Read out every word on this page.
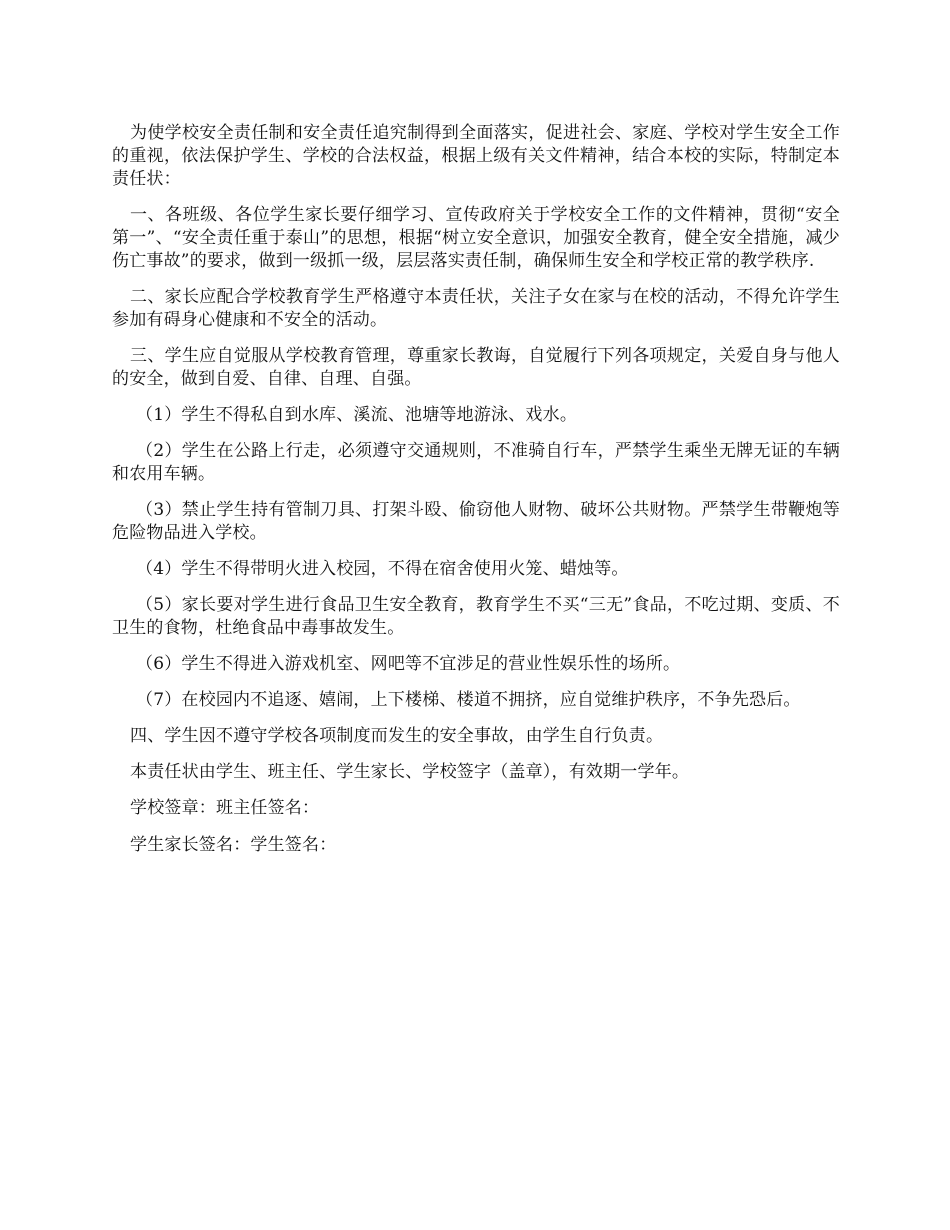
为使学校安全责任制和安全责任追究制得到全面落实，促进社会、家庭、学校对学生安全工作的重视，依法保护学生、学校的合法权益，根据上级有关文件精神，结合本校的实际，特制定本责任状：

一、各班级、各位学生家长要仔细学习、宣传政府关于学校安全工作的文件精神，贯彻“安全第一”、“安全责任重于泰山”的思想，根据“树立安全意识，加强安全教育，健全安全措施，减少伤亡事故”的要求，做到一级抓一级，层层落实责任制，确保师生安全和学校正常的教学秩序.

二、家长应配合学校教育学生严格遵守本责任状，关注子女在家与在校的活动，不得允许学生参加有碍身心健康和不安全的活动。

三、学生应自觉服从学校教育管理，尊重家长教诲，自觉履行下列各项规定，关爱自身与他人的安全，做到自爱、自律、自理、自强。

（1）学生不得私自到水库、溪流、池塘等地游泳、戏水。

（2）学生在公路上行走，必须遵守交通规则，不准骑自行车，严禁学生乘坐无牌无证的车辆和农用车辆。

（3）禁止学生持有管制刀具、打架斗殴、偷窃他人财物、破坏公共财物。严禁学生带鞭炮等危险物品进入学校。

（4）学生不得带明火进入校园，不得在宿舍使用火笼、蜡烛等。

（5）家长要对学生进行食品卫生安全教育，教育学生不买“三无”食品，不吃过期、变质、不卫生的食物，杜绝食品中毒事故发生。

（6）学生不得进入游戏机室、网吧等不宜涉足的营业性娱乐性的场所。

（7）在校园内不追逐、嬉闹，上下楼梯、楼道不拥挤，应自觉维护秩序，不争先恐后。

四、学生因不遵守学校各项制度而发生的安全事故，由学生自行负责。

本责任状由学生、班主任、学生家长、学校签字（盖章），有效期一学年。

学校签章：班主任签名：

学生家长签名：学生签名：
